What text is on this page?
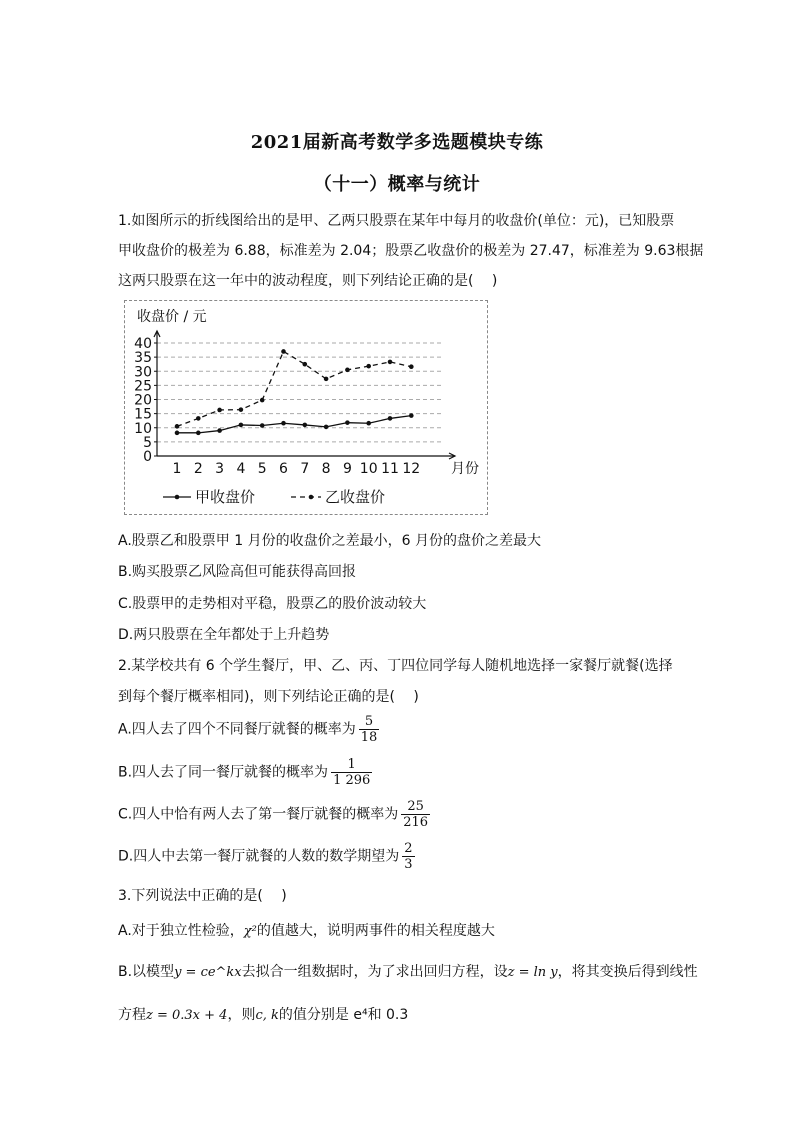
2021届新高考数学多选题模块专练
（十一）概率与统计
1.如图所示的折线图给出的是甲、乙两只股票在某年中每月的收盘价(单位：元)，已知股票
甲收盘价的极差为 6.88，标准差为 2.04；股票乙收盘价的极差为 27.47，标准差为 9.63根据
这两只股票在这一年中的波动程度，则下列结论正确的是(　 )
0
5
10
15
20
25
30
35
40
收盘价 / 元
1 2 3 4 5 6 7 8 9 10 11 12 月份
甲收盘价	乙收盘价
A.股票乙和股票甲 1 月份的收盘价之差最小，6 月份的盘价之差最大
B.购买股票乙风险高但可能获得高回报
C.股票甲的走势相对平稳，股票乙的股价波动较大
D.两只股票在全年都处于上升趋势
2.某学校共有 6 个学生餐厅，甲、乙、丙、丁四位同学每人随机地选择一家餐厅就餐(选择
到每个餐厅概率相同)，则下列结论正确的是(　 )
A.四人去了四个不同餐厅就餐的概率为 $\frac{5}{18}$
B.四人去了同一餐厅就餐的概率为 $\frac{1}{1 296}$
C.四人中恰有两人去了第一餐厅就餐的概率为 $\frac{25}{216}$
D.四人中去第一餐厅就餐的人数的数学期望为 $\frac{2}{3}$
3.下列说法中正确的是(　 )
A.对于独立性检验，χ²的值越大，说明两事件的相关程度越大
B.以模型y = ce^kx去拟合一组数据时，为了求出回归方程，设z = ln y，将其变换后得到线性
方程z = 0.3x + 4，则c, k的值分别是 e⁴和 0.3
